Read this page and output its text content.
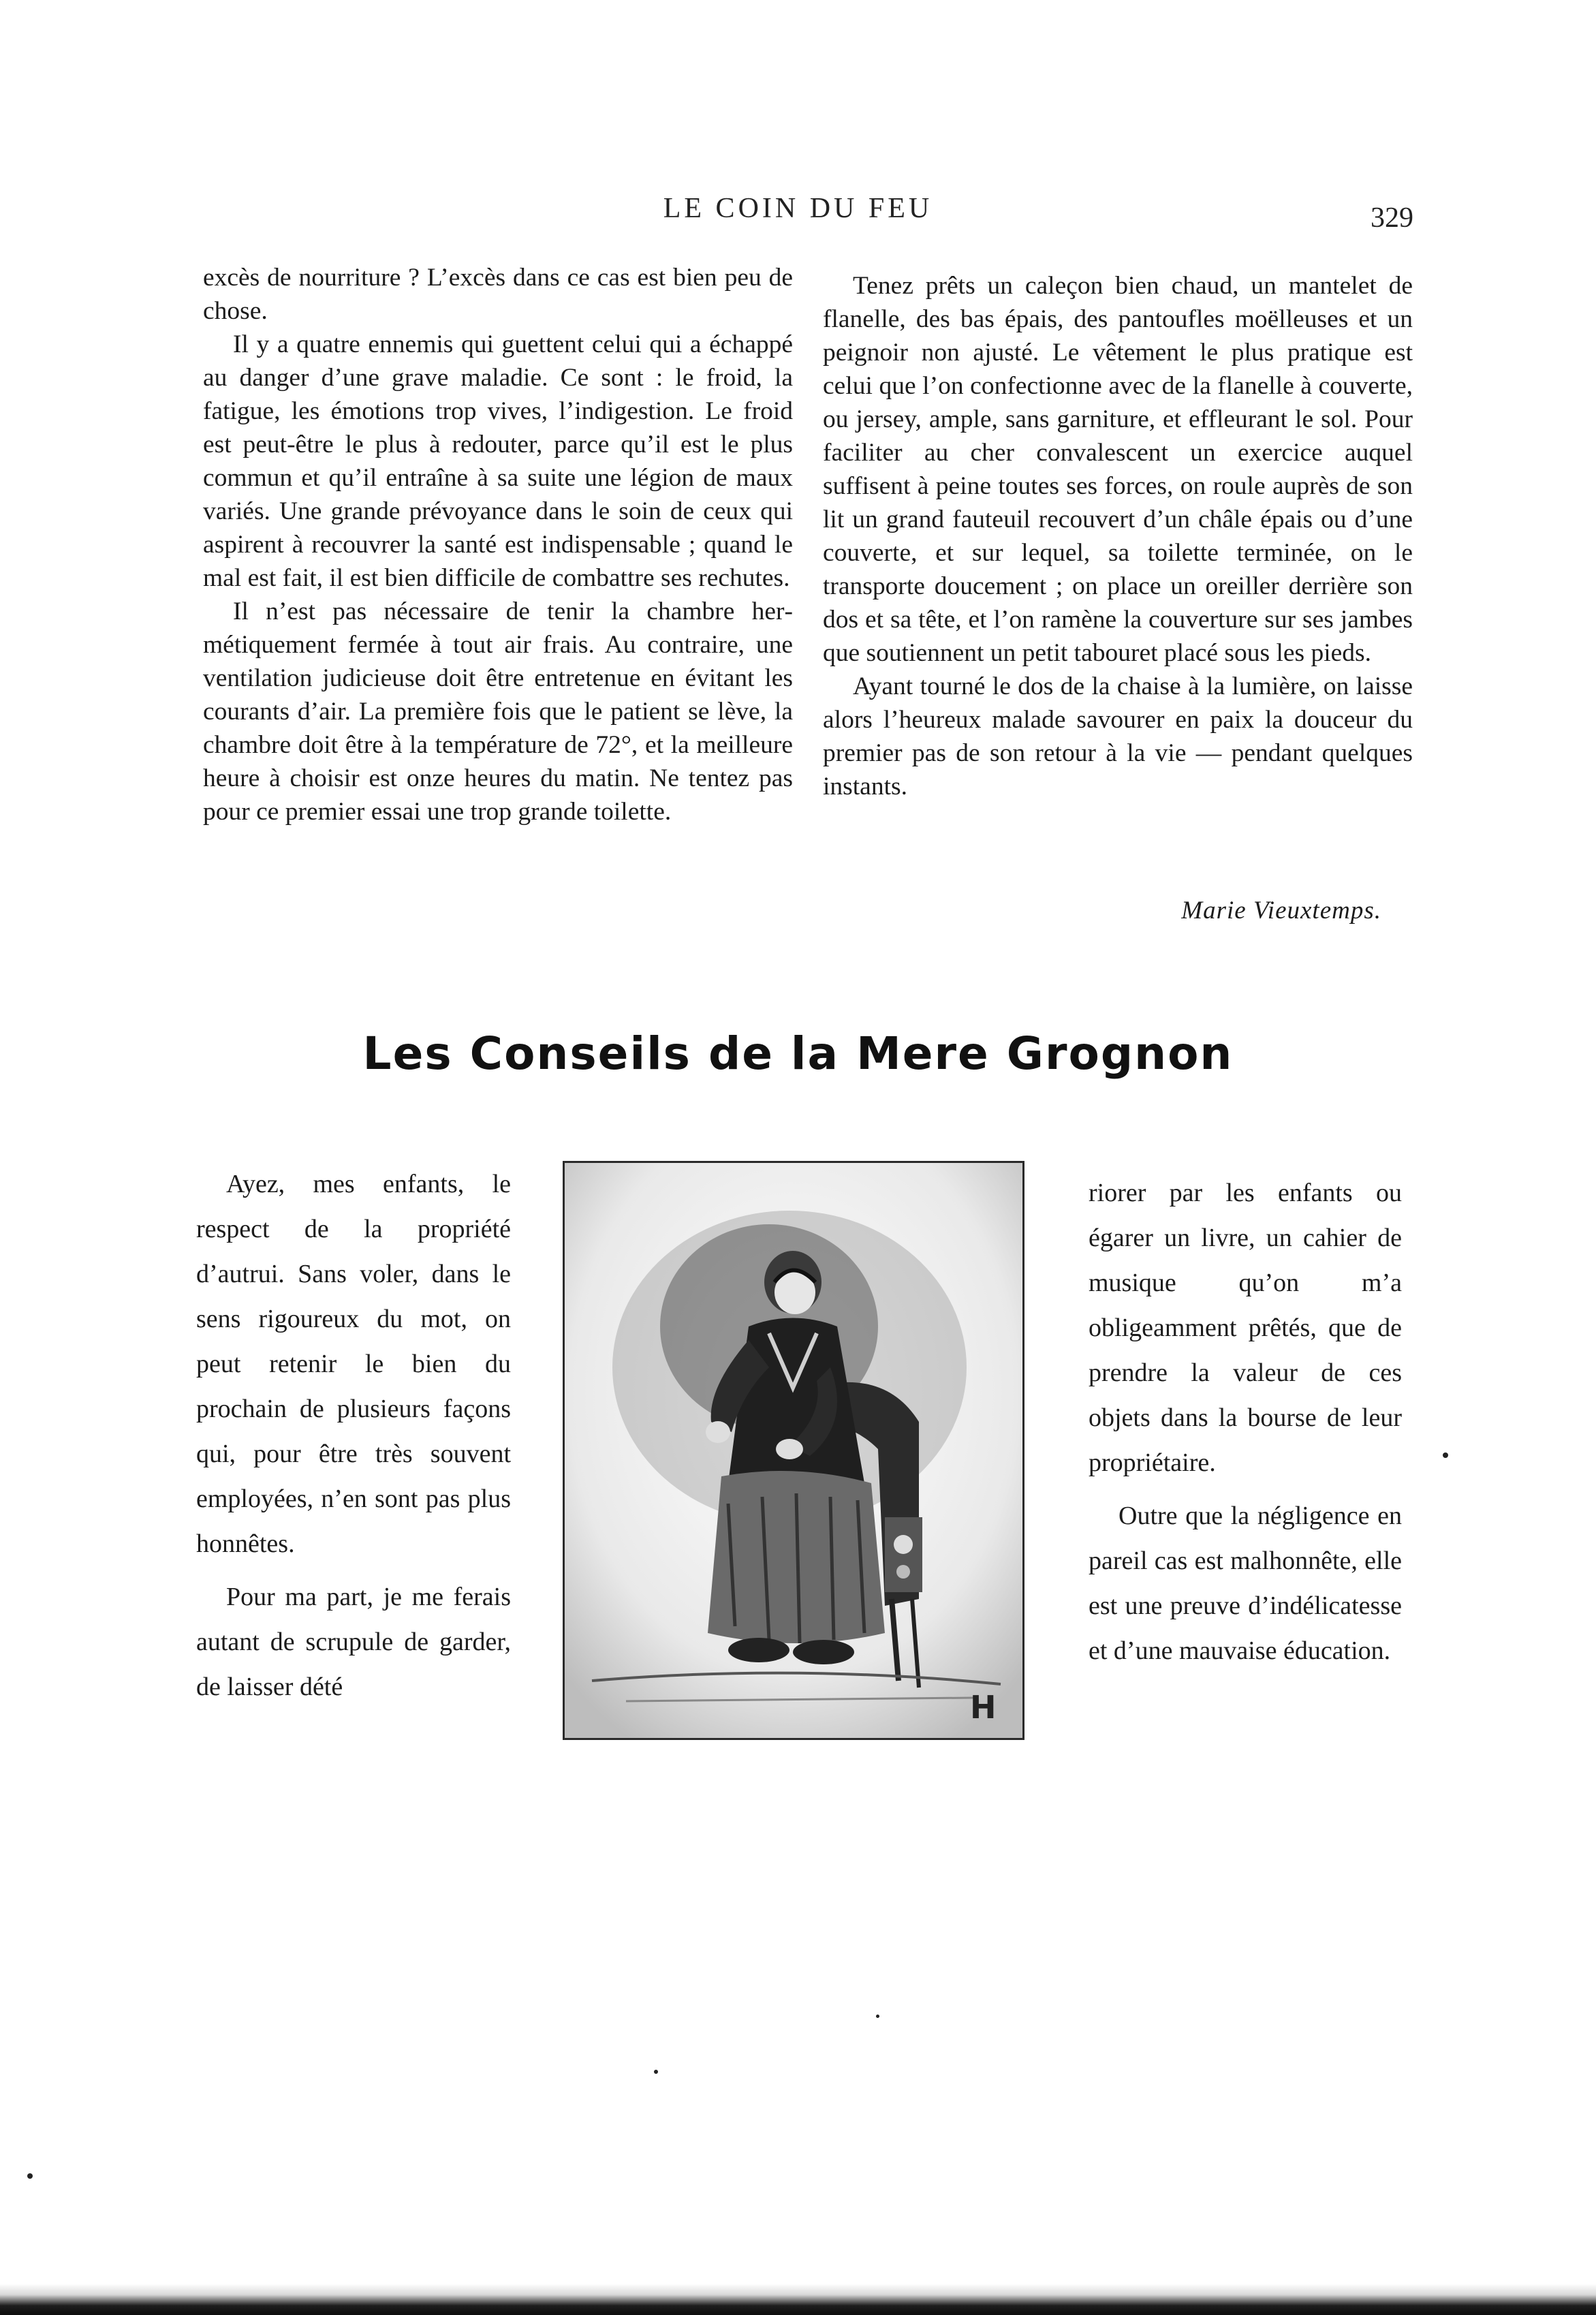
LE COIN DU FEU	329

excès de nourriture ? L’excès dans ce cas est bien peu de chose.

Il y a quatre ennemis qui guettent celui qui a échappé au danger d’une grave maladie. Ce sont : le froid, la fatigue, les émotions trop vives, l’indigestion. Le froid est peut-être le plus à redouter, parce qu’il est le plus commun et qu’il entraîne à sa suite une légion de maux variés. Une grande prévoyance dans le soin de ceux qui aspirent à recouvrer la santé est indispensable ; quand le mal est fait, il est bien difficile de combattre ses rechutes.

Il n’est pas nécessaire de tenir la chambre hermétiquement fermée à tout air frais. Au contraire, une ventilation judicieuse doit être entretenue en évitant les courants d’air. La première fois que le patient se lève, la chambre doit être à la température de 72°, et la meilleure heure à choisir est onze heures du matin. Ne tentez pas pour ce premier essai une trop grande toilette.

Tenez prêts un caleçon bien chaud, un mantelet de flanelle, des bas épais, des pantoufles moëlleuses et un peignoir non ajusté. Le vêtement le plus pratique est celui que l’on confectionne avec de la flanelle à couverte, ou jersey, ample, sans garniture, et effleurant le sol. Pour faciliter au cher convalescent un exercice auquel suffisent à peine toutes ses forces, on roule auprès de son lit un grand fauteuil recouvert d’un châle épais ou d’une couverte, et sur lequel, sa toilette terminée, on le transporte doucement ; on place un oreiller derrière son dos et sa tête, et l’on ramène la couverture sur ses jambes que soutiennent un petit tabouret placé sous les pieds.

Ayant tourné le dos de la chaise à la lumière, on laisse alors l’heureux malade savourer en paix la douceur du premier pas de son retour à la vie — pendant quelques instants.

Marie Vieuxtemps.
Les Conseils de la Mere Grognon

Ayez, mes enfants, le respect de la propriété d’autrui. Sans voler, dans le sens rigoureux du mot, on peut retenir le bien du prochain de plusieurs façons qui, pour être très souvent employées, n’en sont pas plus honnêtes.

Pour ma part, je me ferais autant de scrupule de garder, de laisser dété

H

riorer par les enfants ou égarer un livre, un cahier de musique qu’on m’a obligeamment prêtés, que de prendre la valeur de ces objets dans la bourse de leur propriétaire.

Outre que la négligence en pareil cas est malhonnête, elle est une preuve d’indélicatesse et d’une mauvaise éducation.
